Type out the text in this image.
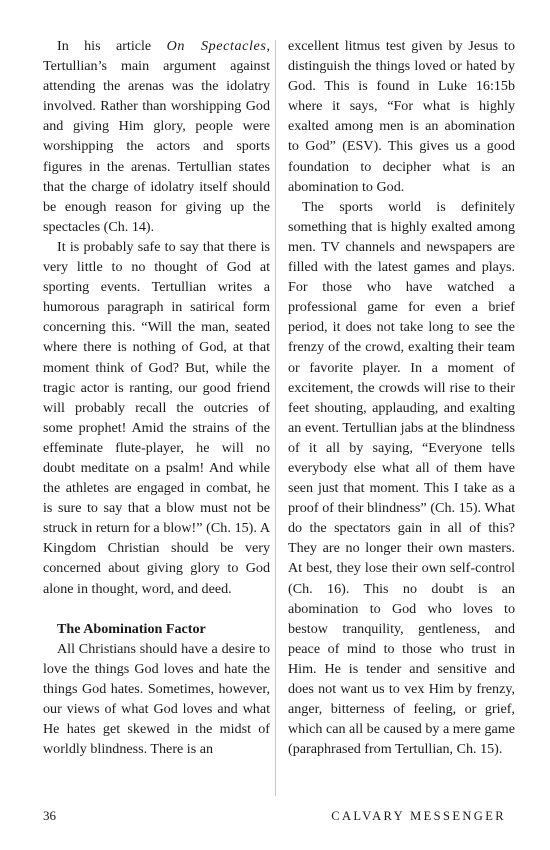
In his article On Spectacles, Tertullian’s main argument against attending the arenas was the idolatry involved. Rather than worshipping God and giving Him glory, people were worshipping the actors and sports figures in the arenas. Tertullian states that the charge of idolatry itself should be enough reason for giving up the spectacles (Ch. 14).

It is probably safe to say that there is very little to no thought of God at sporting events. Tertullian writes a humorous paragraph in satirical form concerning this. “Will the man, seated where there is nothing of God, at that moment think of God? But, while the tragic actor is ranting, our good friend will probably recall the outcries of some prophet! Amid the strains of the effeminate flute-player, he will no doubt meditate on a psalm! And while the athletes are engaged in combat, he is sure to say that a blow must not be struck in return for a blow!” (Ch. 15). A Kingdom Christian should be very concerned about giving glory to God alone in thought, word, and deed.

The Abomination Factor

All Christians should have a desire to love the things God loves and hate the things God hates. Sometimes, however, our views of what God loves and what He hates get skewed in the midst of worldly blindness. There is an

excellent litmus test given by Jesus to distinguish the things loved or hated by God. This is found in Luke 16:15b where it says, “For what is highly exalted among men is an abomination to God” (ESV). This gives us a good foundation to decipher what is an abomination to God.

The sports world is definitely something that is highly exalted among men. TV channels and newspapers are filled with the latest games and plays. For those who have watched a professional game for even a brief period, it does not take long to see the frenzy of the crowd, exalting their team or favorite player. In a moment of excitement, the crowds will rise to their feet shouting, applauding, and exalting an event. Tertullian jabs at the blindness of it all by saying, “Everyone tells everybody else what all of them have seen just that moment. This I take as a proof of their blindness” (Ch. 15). What do the spectators gain in all of this? They are no longer their own masters. At best, they lose their own self-control (Ch. 16). This no doubt is an abomination to God who loves to bestow tranquility, gentleness, and peace of mind to those who trust in Him. He is tender and sensitive and does not want us to vex Him by frenzy, anger, bitterness of feeling, or grief, which can all be caused by a mere game (paraphrased from Tertullian, Ch. 15).

36	CALVARY MESSENGER
